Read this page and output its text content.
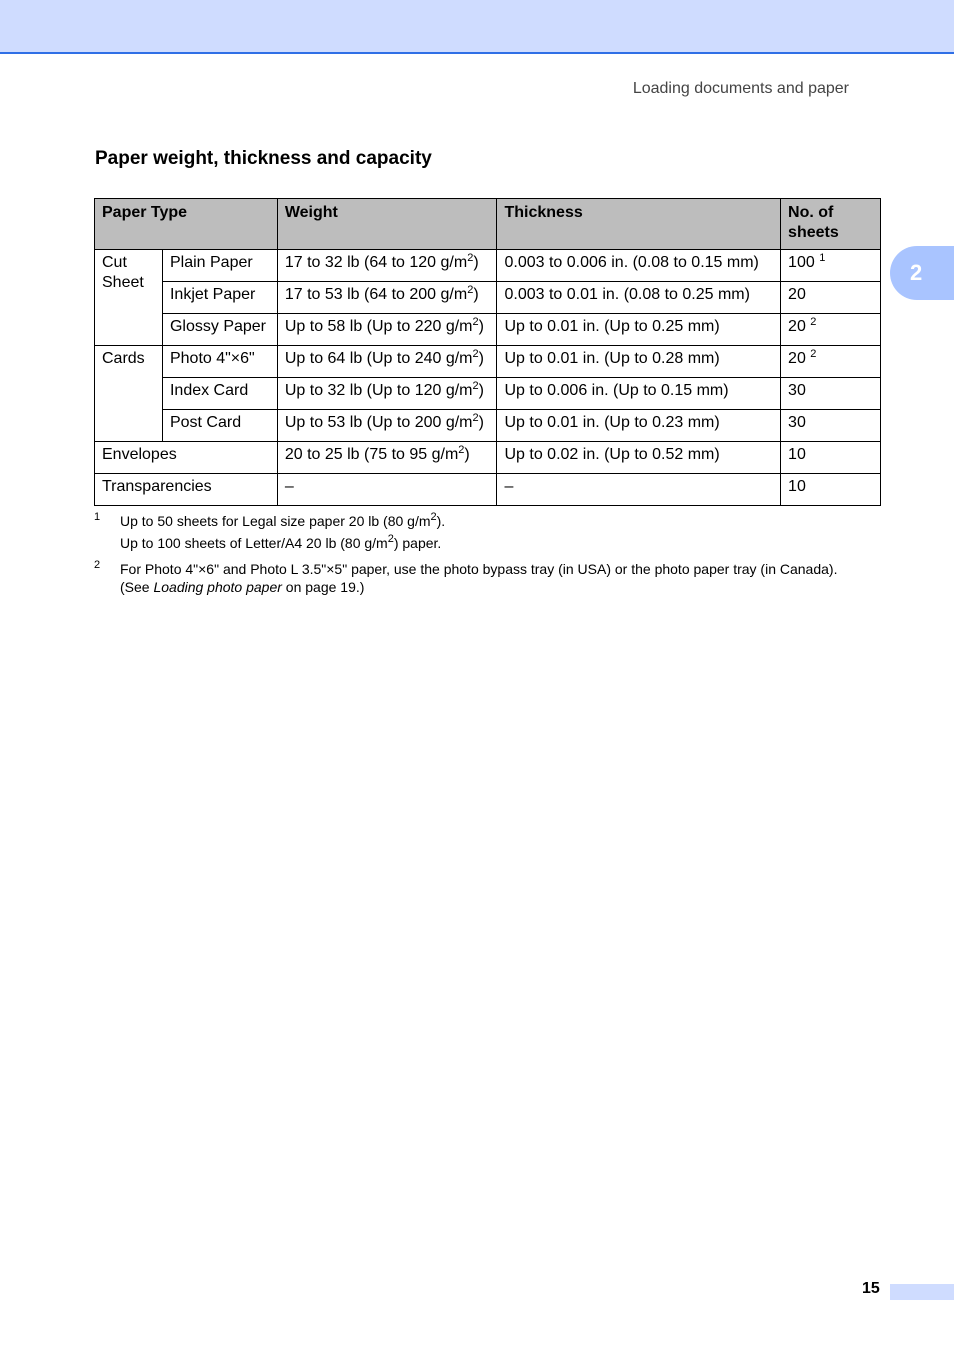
Loading documents and paper
2
Paper weight, thickness and capacity
Paper Type		Weight	Thickness	No. of
sheets
Cut
Sheet	Plain Paper	17 to 32 lb (64 to 120 $g/m^2$)	0.003 to 0.006 in. (0.08 to 0.15 mm)	100 $^1$
	Inkjet Paper	17 to 53 lb (64 to 200 $g/m^2$)	0.003 to 0.01 in. (0.08 to 0.25 mm)	20
	Glossy Paper	Up to 58 lb (Up to 220 $g/m^2$)	Up to 0.01 in. (Up to 0.25 mm)	20 $^2$
Cards	Photo 4"×6"	Up to 64 lb (Up to 240 $g/m^2$)	Up to 0.01 in. (Up to 0.28 mm)	20 $^2$
	Index Card	Up to 32 lb (Up to 120 $g/m^2$)	Up to 0.006 in. (Up to 0.15 mm)	30
	Post Card	Up to 53 lb (Up to 200 $g/m^2$)	Up to 0.01 in. (Up to 0.23 mm)	30
Envelopes		20 to 25 lb (75 to 95 $g/m^2$)	Up to 0.02 in. (Up to 0.52 mm)	10
Transparencies		–	–	10
1 Up to 50 sheets for Legal size paper 20 lb (80 $g/m^2$).
Up to 100 sheets of Letter/A4 20 lb (80 $g/m^2$) paper.
2 For Photo 4"×6" and Photo L 3.5"×5" paper, use the photo bypass tray (in USA) or the photo paper tray (in Canada).
(See Loading photo paper on page 19.)
15
